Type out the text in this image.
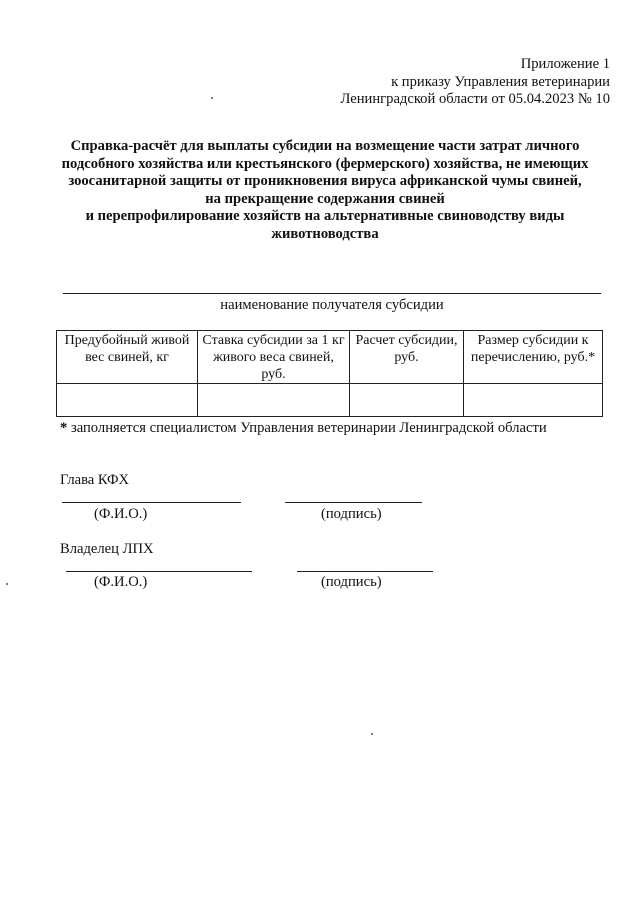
Приложение 1
к приказу Управления ветеринарии
Ленинградской области от 05.04.2023 № 10
Справка-расчёт для выплаты субсидии на возмещение части затрат личного
подсобного хозяйства или крестьянского (фермерского) хозяйства, не имеющих
зоосанитарной защиты от проникновения вируса африканской чумы свиней,
на прекращение содержания свиней
и перепрофилирование хозяйств на альтернативные свиноводству виды
животноводства
наименование получателя субсидии
Предубойный живой вес свиней, кг	Ставка субсидии за 1 кг живого веса свиней, руб.	Расчет субсидии, руб.	Размер субсидии к перечислению, руб.*

* заполняется специалистом Управления ветеринарии Ленинградской области
Глава КФХ
(Ф.И.О.)	(подпись)
Владелец ЛПХ
(Ф.И.О.)	(подпись)
